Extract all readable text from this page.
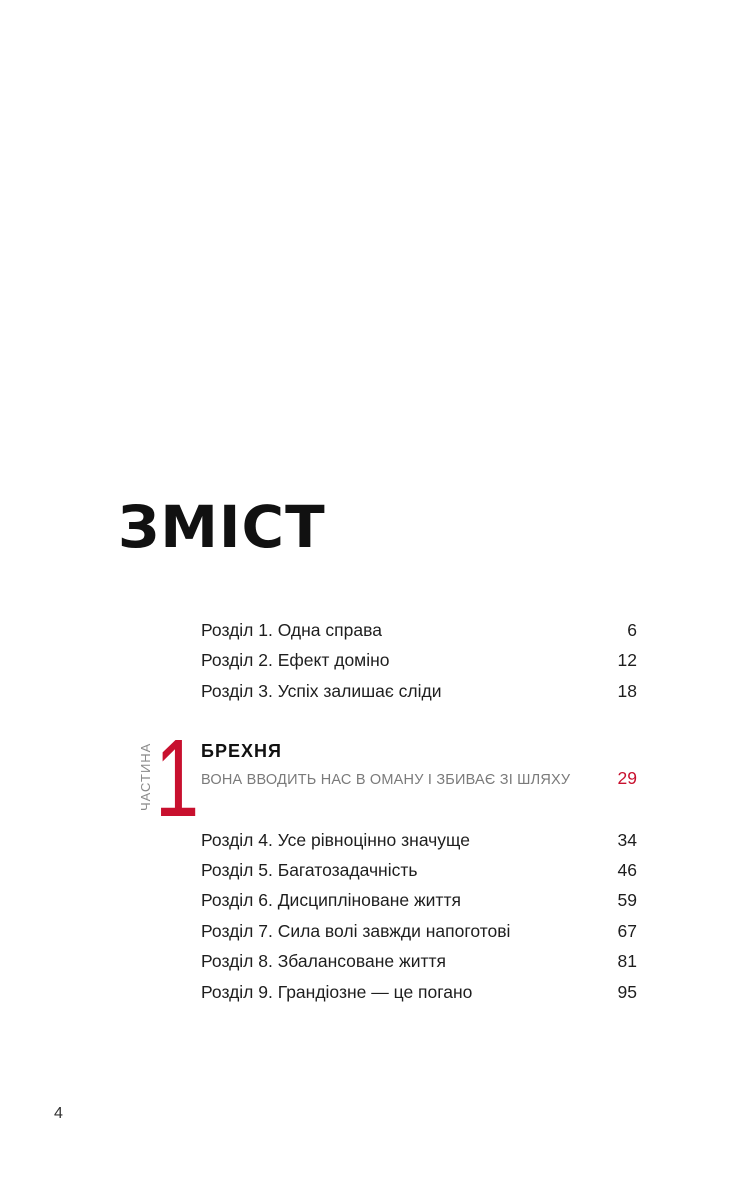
ЗМІСТ
Розділ 1. Одна справа	6
Розділ 2. Ефект доміно	12
Розділ 3. Успіх залишає сліди	18
ЧАСТИНА 1 БРЕХНЯ
ВОНА ВВОДИТЬ НАС В ОМАНУ І ЗБИВАЄ ЗІ ШЛЯХУ	29
Розділ 4. Усе рівноцінно значуще	34
Розділ 5. Багатозадачність	46
Розділ 6. Дисципліноване життя	59
Розділ 7. Сила волі завжди напоготові	67
Розділ 8. Збалансоване життя	81
Розділ 9. Грандіозне — це погано	95
4
